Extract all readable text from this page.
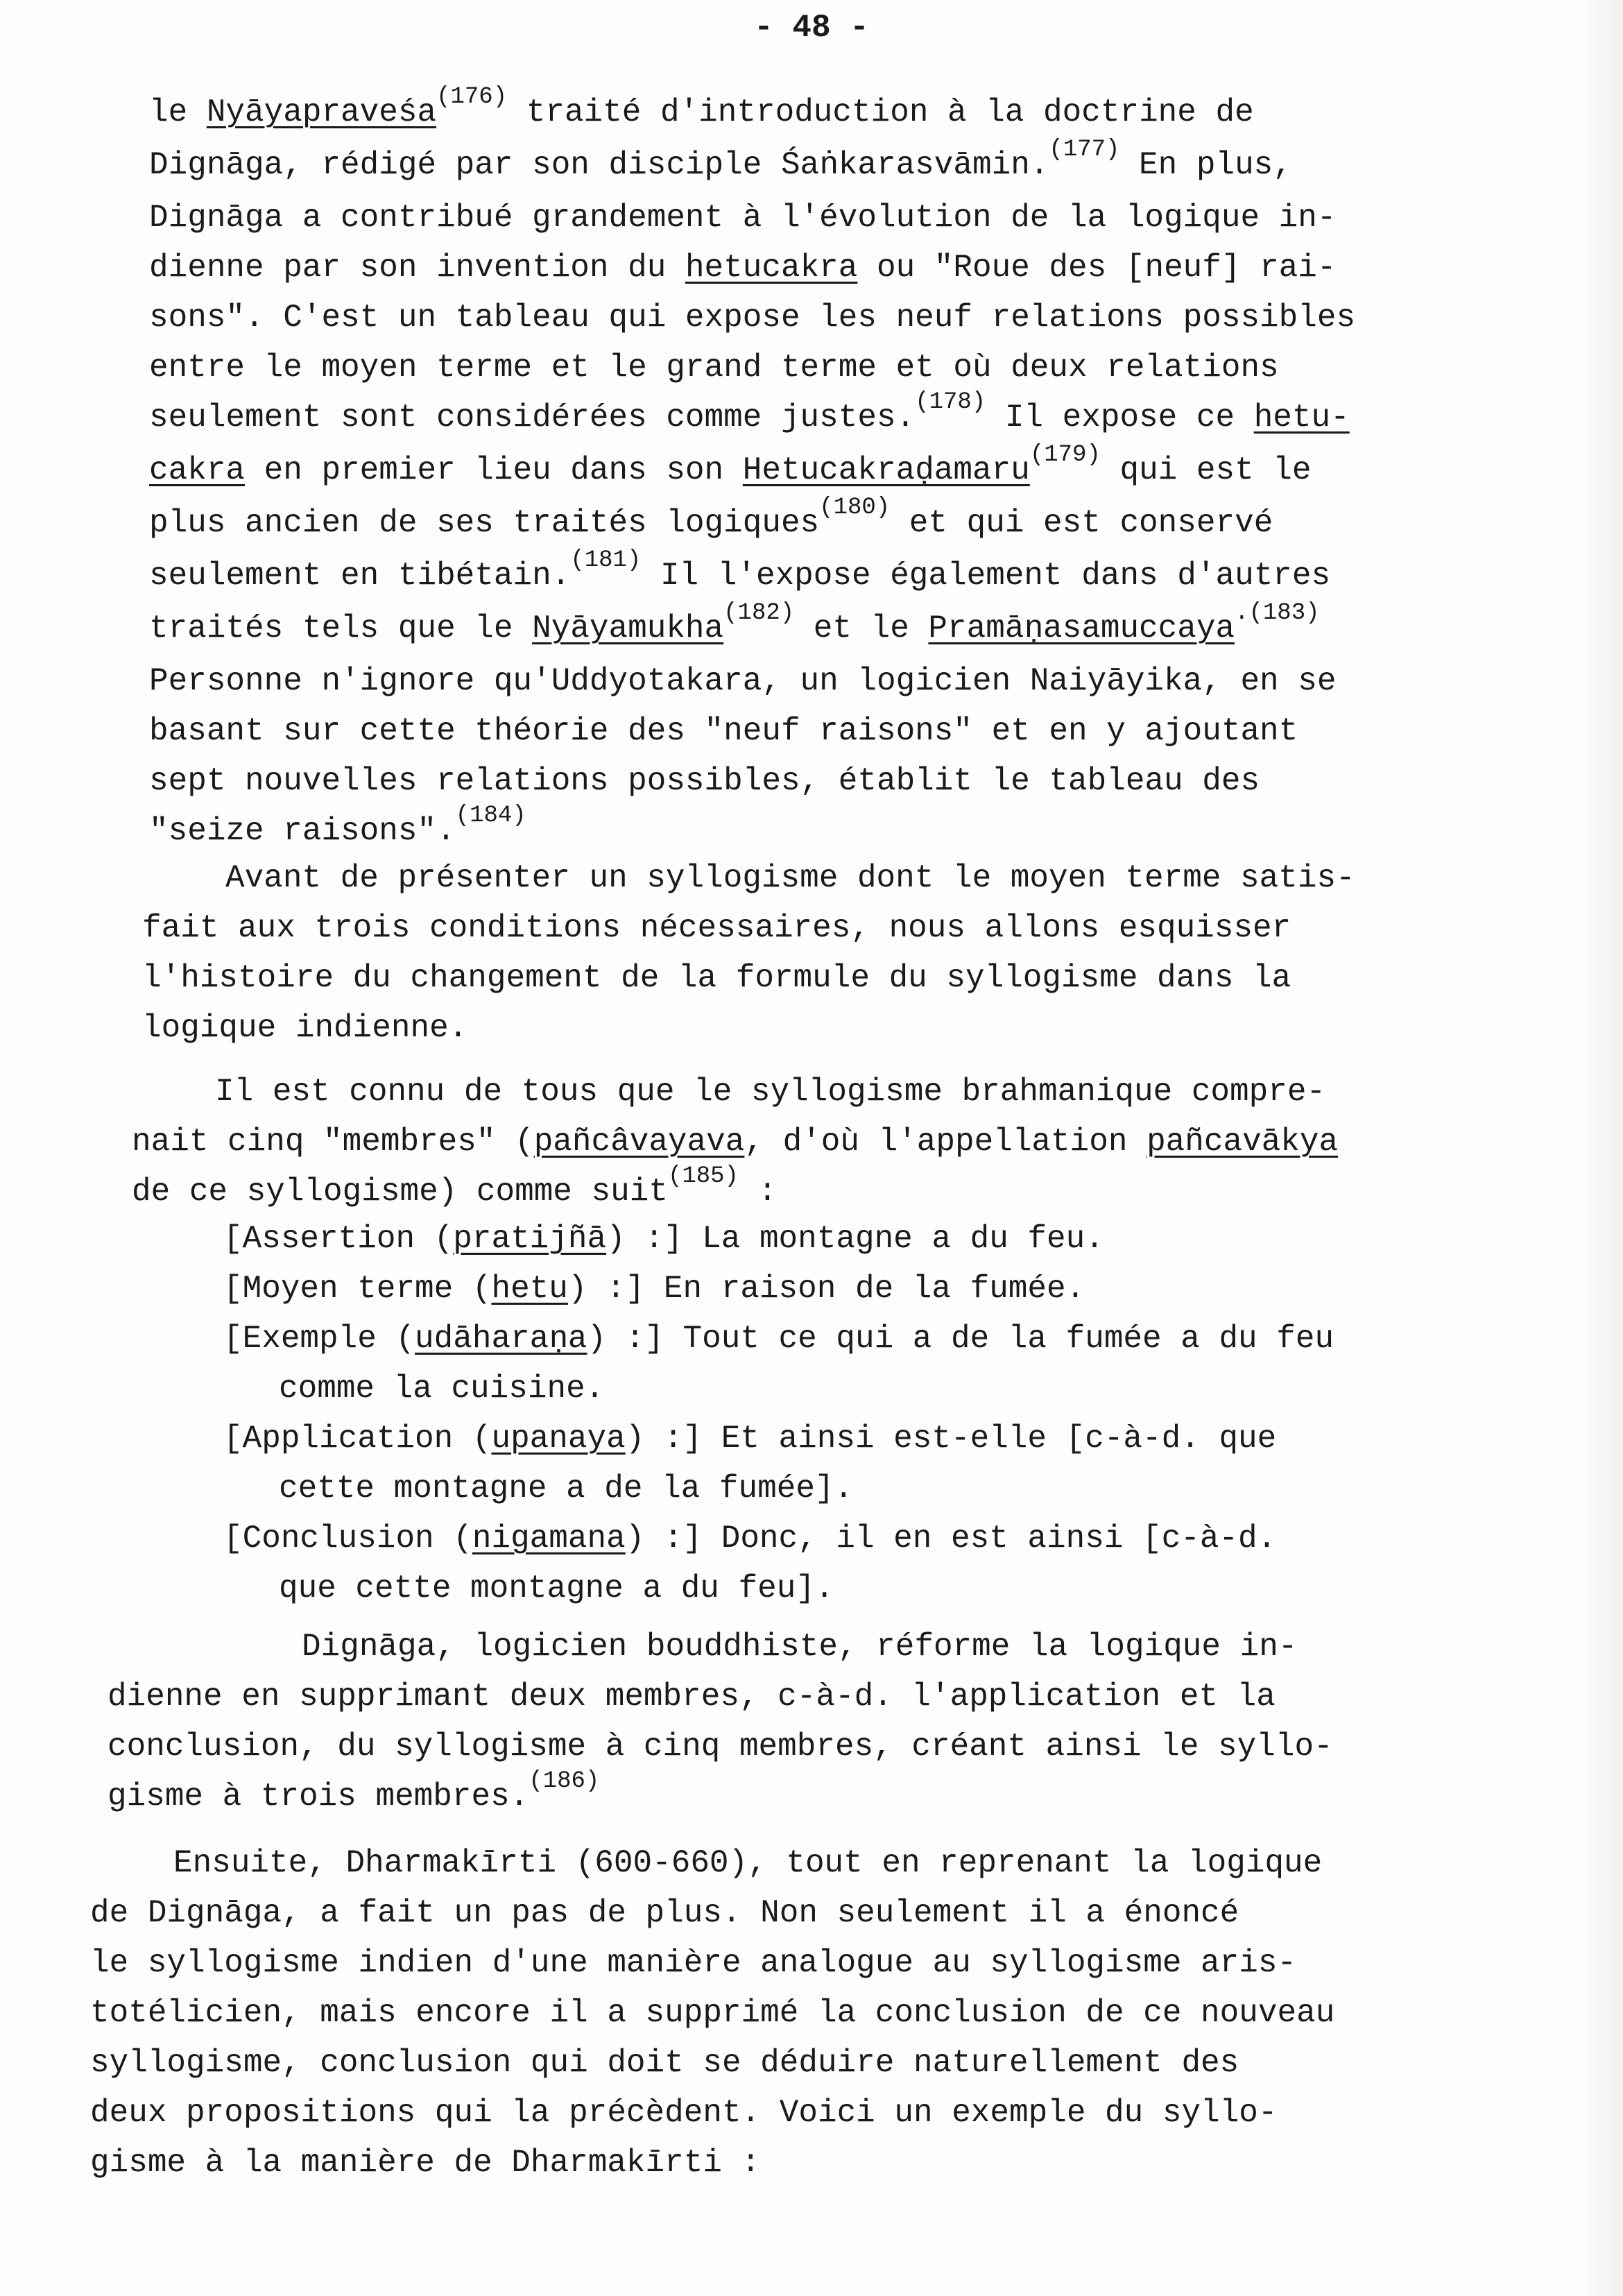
- 48 -
le Nyāyapraveśa$^{(176)}$ traité d'introduction à la doctrine de
Dignāga, rédigé par son disciple Śaṅkarasvāmin.$^{(177)}$ En plus,
Dignāga a contribué grandement à l'évolution de la logique in-
dienne par son invention du hetucakra ou "Roue des [neuf] rai-
sons". C'est un tableau qui expose les neuf relations possibles
entre le moyen terme et le grand terme et où deux relations
seulement sont considérées comme justes.$^{(178)}$ Il expose ce hetu-
cakra en premier lieu dans son Hetucakraḍamaru$^{(179)}$ qui est le
plus ancien de ses traités logiques$^{(180)}$ et qui est conservé
seulement en tibétain.$^{(181)}$ Il l'expose également dans d'autres
traités tels que le Nyāyamukha$^{(182)}$ et le Pramāṇasamuccaya$^{.(183)}$
Personne n'ignore qu'Uddyotakara, un logicien Naiyāyika, en se
basant sur cette théorie des "neuf raisons" et en y ajoutant
sept nouvelles relations possibles, établit le tableau des
"seize raisons".$^{(184)}$
Avant de présenter un syllogisme dont le moyen terme satis-
fait aux trois conditions nécessaires, nous allons esquisser
l'histoire du changement de la formule du syllogisme dans la
logique indienne.
Il est connu de tous que le syllogisme brahmanique compre-
nait cinq "membres" (pañcâvayava, d'où l'appellation pañcavākya
de ce syllogisme) comme suit$^{(185)}$ :
[Assertion (pratijñā) :] La montagne a du feu.
[Moyen terme (hetu) :] En raison de la fumée.
[Exemple (udāharaṇa) :] Tout ce qui a de la fumée a du feu
comme la cuisine.
[Application (upanaya) :] Et ainsi est-elle [c-à-d. que
cette montagne a de la fumée].
[Conclusion (nigamana) :] Donc, il en est ainsi [c-à-d.
que cette montagne a du feu].
Dignāga, logicien bouddhiste, réforme la logique in-
dienne en supprimant deux membres, c-à-d. l'application et la
conclusion, du syllogisme à cinq membres, créant ainsi le syllo-
gisme à trois membres.$^{(186)}$
Ensuite, Dharmakīrti (600-660), tout en reprenant la logique
de Dignāga, a fait un pas de plus. Non seulement il a énoncé
le syllogisme indien d'une manière analogue au syllogisme aris-
totélicien, mais encore il a supprimé la conclusion de ce nouveau
syllogisme, conclusion qui doit se déduire naturellement des
deux propositions qui la précèdent. Voici un exemple du syllo-
gisme à la manière de Dharmakīrti :
